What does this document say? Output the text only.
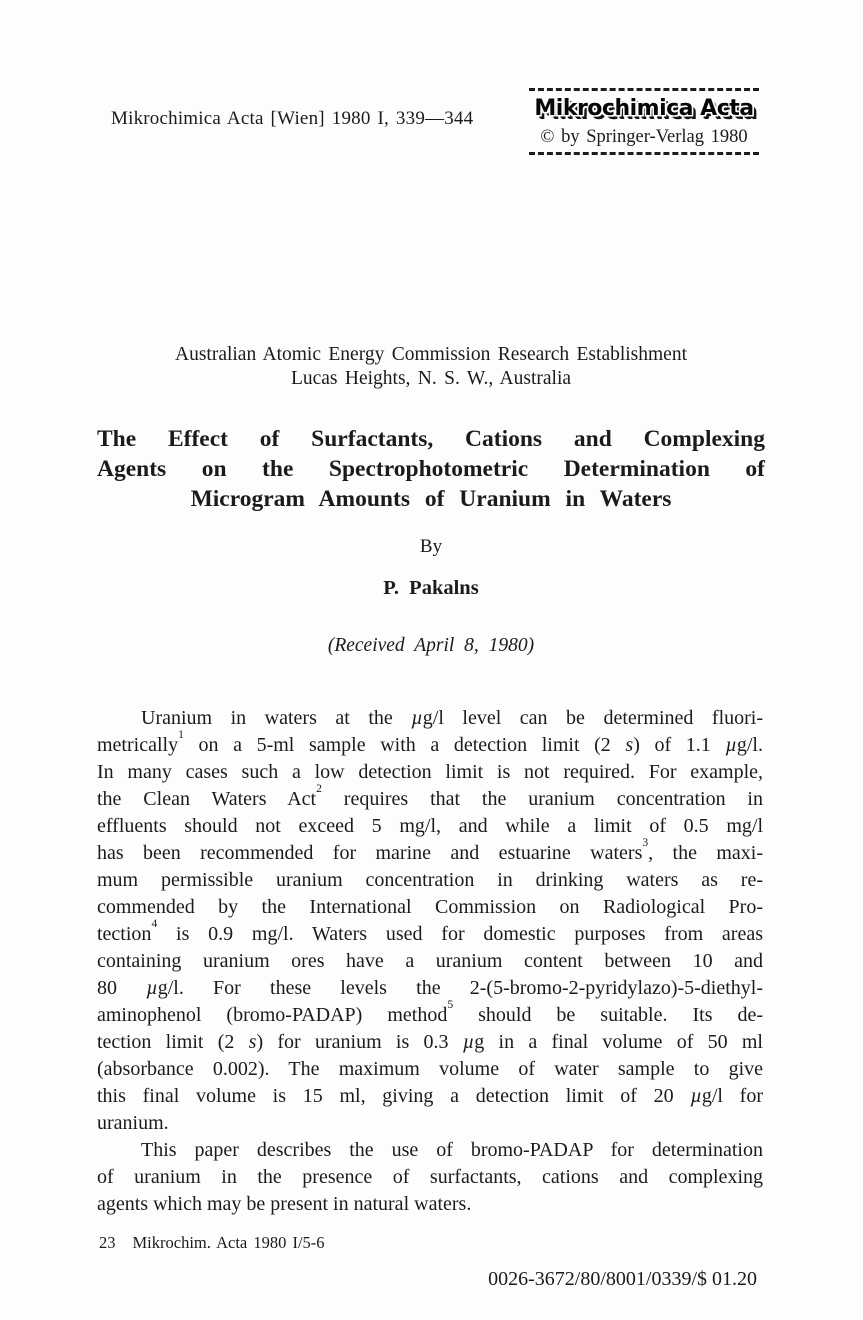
Mikrochimica Acta [Wien] 1980 I, 339—344	Mikrochimica Acta
© by Springer-Verlag 1980
Australian Atomic Energy Commission Research Establishment
Lucas Heights, N. S. W., Australia
The Effect of Surfactants, Cations and Complexing
Agents on the Spectrophotometric Determination of
Microgram Amounts of Uranium in Waters
By
P. Pakalns
(Received April 8, 1980)
Uranium in waters at the µg/l level can be determined fluori-
metrically$^1$ on a 5-ml sample with a detection limit (2 s) of 1.1 µg/l.
In many cases such a low detection limit is not required. For example,
the Clean Waters Act$^2$ requires that the uranium concentration in
effluents should not exceed 5 mg/l, and while a limit of 0.5 mg/l
has been recommended for marine and estuarine waters$^3$, the maxi-
mum permissible uranium concentration in drinking waters as re-
commended by the International Commission on Radiological Pro-
tection$^4$ is 0.9 mg/l. Waters used for domestic purposes from areas
containing uranium ores have a uranium content between 10 and
80 µg/l. For these levels the 2-(5-bromo-2-pyridylazo)-5-diethyl-
aminophenol (bromo-PADAP) method$^5$ should be suitable. Its de-
tection limit (2 s) for uranium is 0.3 µg in a final volume of 50 ml
(absorbance 0.002). The maximum volume of water sample to give
this final volume is 15 ml, giving a detection limit of 20 µg/l for
uranium.
This paper describes the use of bromo-PADAP for determination
of uranium in the presence of surfactants, cations and complexing
agents which may be present in natural waters.
23 Mikrochim. Acta 1980 I/5-6
0026-3672/80/8001/0339/$ 01.20
